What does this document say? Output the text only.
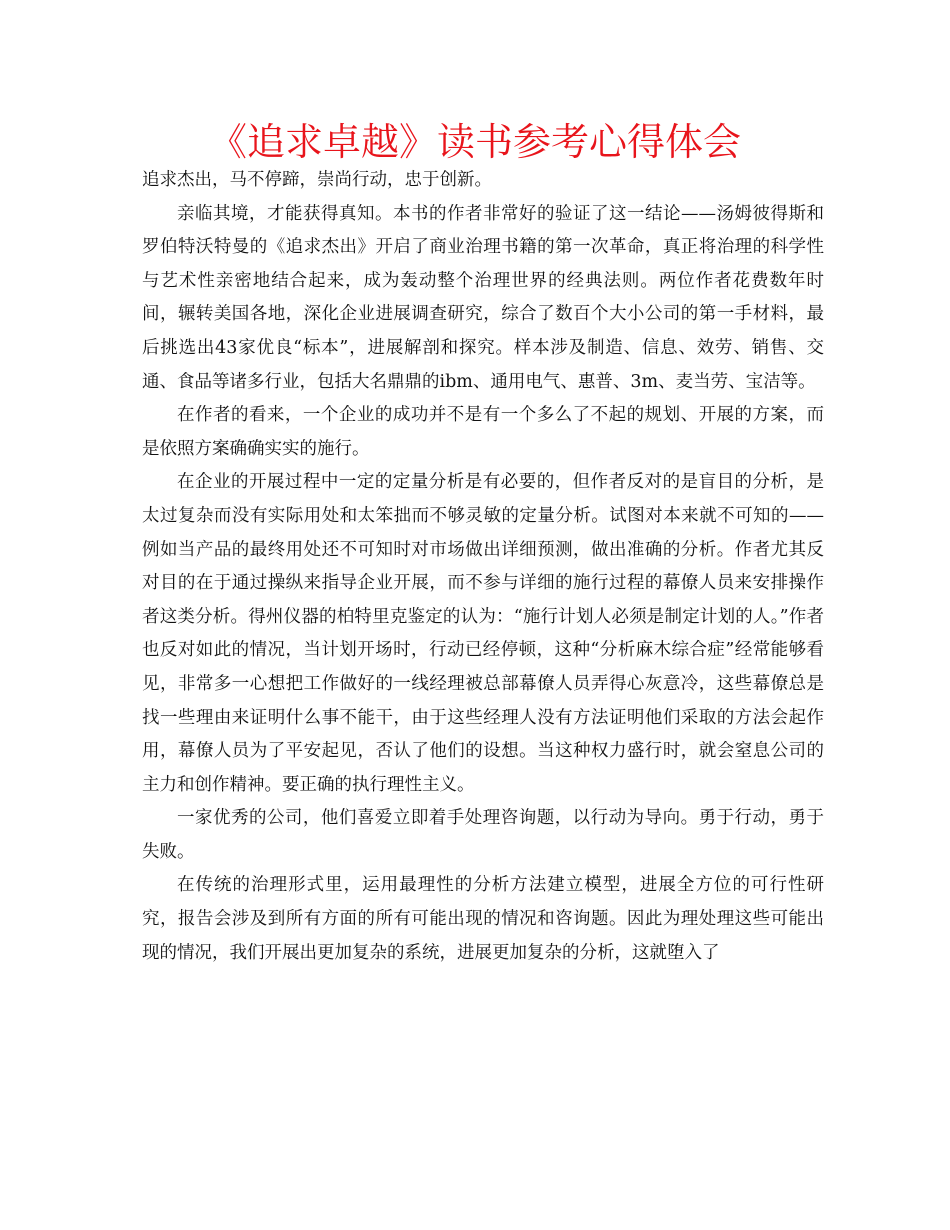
《追求卓越》读书参考心得体会

追求杰出，马不停蹄，崇尚行动，忠于创新。

亲临其境，才能获得真知。本书的作者非常好的验证了这一结论——汤姆彼得斯和罗伯特沃特曼的《追求杰出》开启了商业治理书籍的第一次革命，真正将治理的科学性与艺术性亲密地结合起来，成为轰动整个治理世界的经典法则。两位作者花费数年时间，辗转美国各地，深化企业进展调查研究，综合了数百个大小公司的第一手材料，最后挑选出43家优良“标本”，进展解剖和探究。样本涉及制造、信息、效劳、销售、交通、食品等诸多行业，包括大名鼎鼎的ibm、通用电气、惠普、3m、麦当劳、宝洁等。

在作者的看来，一个企业的成功并不是有一个多么了不起的规划、开展的方案，而是依照方案确确实实的施行。

在企业的开展过程中一定的定量分析是有必要的，但作者反对的是盲目的分析，是太过复杂而没有实际用处和太笨拙而不够灵敏的定量分析。试图对本来就不可知的——例如当产品的最终用处还不可知时对市场做出详细预测，做出准确的分析。作者尤其反对目的在于通过操纵来指导企业开展，而不参与详细的施行过程的幕僚人员来安排操作者这类分析。得州仪器的柏特里克鉴定的认为：“施行计划人必须是制定计划的人。”作者也反对如此的情况，当计划开场时，行动已经停顿，这种“分析麻木综合症”经常能够看见，非常多一心想把工作做好的一线经理被总部幕僚人员弄得心灰意冷，这些幕僚总是找一些理由来证明什么事不能干，由于这些经理人没有方法证明他们采取的方法会起作用，幕僚人员为了平安起见，否认了他们的设想。当这种权力盛行时，就会窒息公司的主力和创作精神。要正确的执行理性主义。

一家优秀的公司，他们喜爱立即着手处理咨询题，以行动为导向。勇于行动，勇于失败。

在传统的治理形式里，运用最理性的分析方法建立模型，进展全方位的可行性研究，报告会涉及到所有方面的所有可能出现的情况和咨询题。因此为理处理这些可能出现的情况，我们开展出更加复杂的系统，进展更加复杂的分析，这就堕入了
